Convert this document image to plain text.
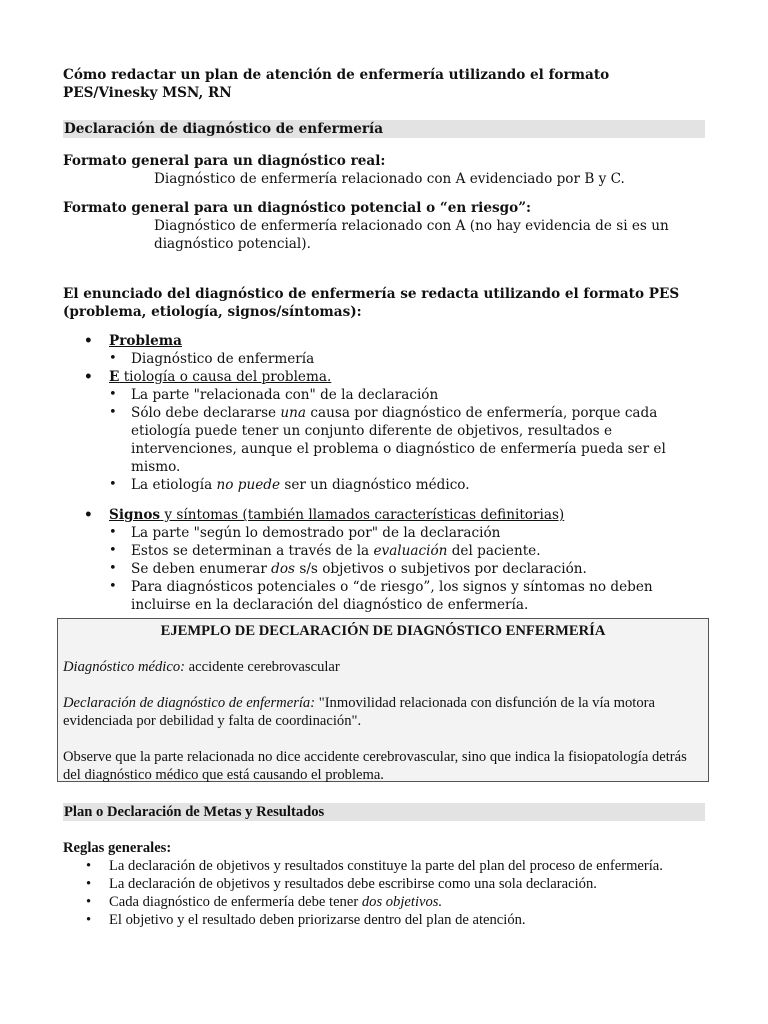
Cómo redactar un plan de atención de enfermería utilizando el formato PES/Vinesky MSN, RN
Declaración de diagnóstico de enfermería
Formato general para un diagnóstico real:
Diagnóstico de enfermería relacionado con A evidenciado por B y C.
Formato general para un diagnóstico potencial o “en riesgo”:
Diagnóstico de enfermería relacionado con A (no hay evidencia de si es un diagnóstico potencial).
El enunciado del diagnóstico de enfermería se redacta utilizando el formato PES (problema, etiología, signos/síntomas):
• Problema
• Diagnóstico de enfermería
• E tiología o causa del problema.
• La parte "relacionada con" de la declaración
• Sólo debe declararse una causa por diagnóstico de enfermería, porque cada etiología puede tener un conjunto diferente de objetivos, resultados e intervenciones, aunque el problema o diagnóstico de enfermería pueda ser el mismo.
• La etiología no puede ser un diagnóstico médico.
• Signos y síntomas (también llamados características definitorias)
• La parte "según lo demostrado por" de la declaración
• Estos se determinan a través de la evaluación del paciente.
• Se deben enumerar dos s/s objetivos o subjetivos por declaración.
• Para diagnósticos potenciales o “de riesgo”, los signos y síntomas no deben incluirse en la declaración del diagnóstico de enfermería.
EJEMPLO DE DECLARACIÓN DE DIAGNÓSTICO ENFERMERÍA
Diagnóstico médico: accidente cerebrovascular
Declaración de diagnóstico de enfermería: "Inmovilidad relacionada con disfunción de la vía motora evidenciada por debilidad y falta de coordinación".
Observe que la parte relacionada no dice accidente cerebrovascular, sino que indica la fisiopatología detrás del diagnóstico médico que está causando el problema.
Plan o Declaración de Metas y Resultados
Reglas generales:
• La declaración de objetivos y resultados constituye la parte del plan del proceso de enfermería.
• La declaración de objetivos y resultados debe escribirse como una sola declaración.
• Cada diagnóstico de enfermería debe tener dos objetivos.
• El objetivo y el resultado deben priorizarse dentro del plan de atención.
